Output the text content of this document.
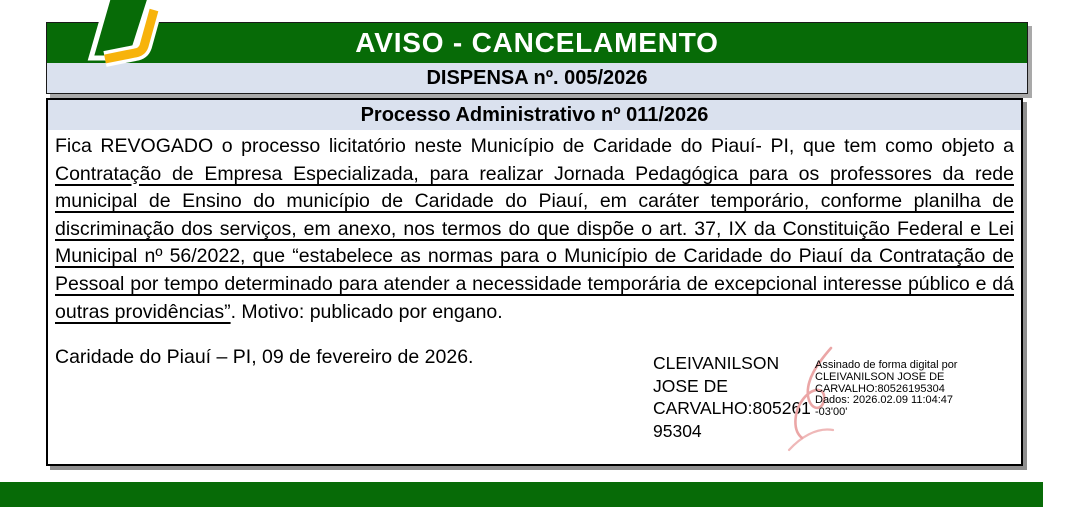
AVISO - CANCELAMENTO
DISPENSA nº. 005/2026
Processo Administrativo nº 011/2026

Fica REVOGADO o processo licitatório neste Município de Caridade do Piauí- PI, que tem como objeto a Contratação de Empresa Especializada, para realizar Jornada Pedagógica para os professores da rede municipal de Ensino do município de Caridade do Piauí, em caráter temporário, conforme planilha de discriminação dos serviços, em anexo, nos termos do que dispõe o art. 37, IX da Constituição Federal e Lei Municipal nº 56/2022, que “estabelece as normas para o Município de Caridade do Piauí da Contratação de Pessoal por tempo determinado para atender a necessidade temporária de excepcional interesse público e dá outras providências”. Motivo: publicado por engano.

Caridade do Piauí – PI, 09 de fevereiro de 2026.	CLEIVANILSON JOSE DE CARVALHO:80526195304
Assinado de forma digital por CLEIVANILSON JOSE DE CARVALHO:80526195304 Dados: 2026.02.09 11:04:47 -03'00'
